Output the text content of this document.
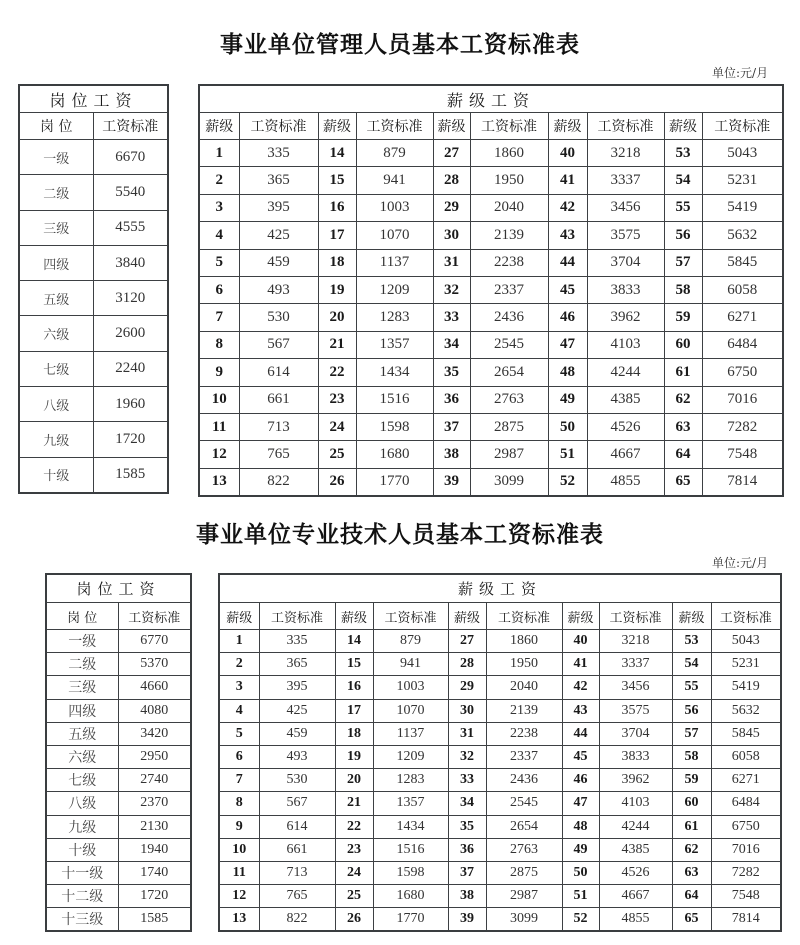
事业单位管理人员基本工资标准表
单位:元/月
岗位工资	
岗 位	工资标准
一级	6670
二级	5540
三级	4555
四级	3840
五级	3120
六级	2600
七级	2240
八级	1960
九级	1720
十级	1585
薪级工资									
薪级	工资标准	薪级	工资标准	薪级	工资标准	薪级	工资标准	薪级	工资标准
1	335	14	879	27	1860	40	3218	53	5043
2	365	15	941	28	1950	41	3337	54	5231
3	395	16	1003	29	2040	42	3456	55	5419
4	425	17	1070	30	2139	43	3575	56	5632
5	459	18	1137	31	2238	44	3704	57	5845
6	493	19	1209	32	2337	45	3833	58	6058
7	530	20	1283	33	2436	46	3962	59	6271
8	567	21	1357	34	2545	47	4103	60	6484
9	614	22	1434	35	2654	48	4244	61	6750
10	661	23	1516	36	2763	49	4385	62	7016
11	713	24	1598	37	2875	50	4526	63	7282
12	765	25	1680	38	2987	51	4667	64	7548
13	822	26	1770	39	3099	52	4855	65	7814
事业单位专业技术人员基本工资标准表
单位:元/月
岗位工资	
岗 位	工资标准
一级	6770
二级	5370
三级	4660
四级	4080
五级	3420
六级	2950
七级	2740
八级	2370
九级	2130
十级	1940
十一级	1740
十二级	1720
十三级	1585
薪级工资									
薪级	工资标准	薪级	工资标准	薪级	工资标准	薪级	工资标准	薪级	工资标准
1	335	14	879	27	1860	40	3218	53	5043
2	365	15	941	28	1950	41	3337	54	5231
3	395	16	1003	29	2040	42	3456	55	5419
4	425	17	1070	30	2139	43	3575	56	5632
5	459	18	1137	31	2238	44	3704	57	5845
6	493	19	1209	32	2337	45	3833	58	6058
7	530	20	1283	33	2436	46	3962	59	6271
8	567	21	1357	34	2545	47	4103	60	6484
9	614	22	1434	35	2654	48	4244	61	6750
10	661	23	1516	36	2763	49	4385	62	7016
11	713	24	1598	37	2875	50	4526	63	7282
12	765	25	1680	38	2987	51	4667	64	7548
13	822	26	1770	39	3099	52	4855	65	7814
